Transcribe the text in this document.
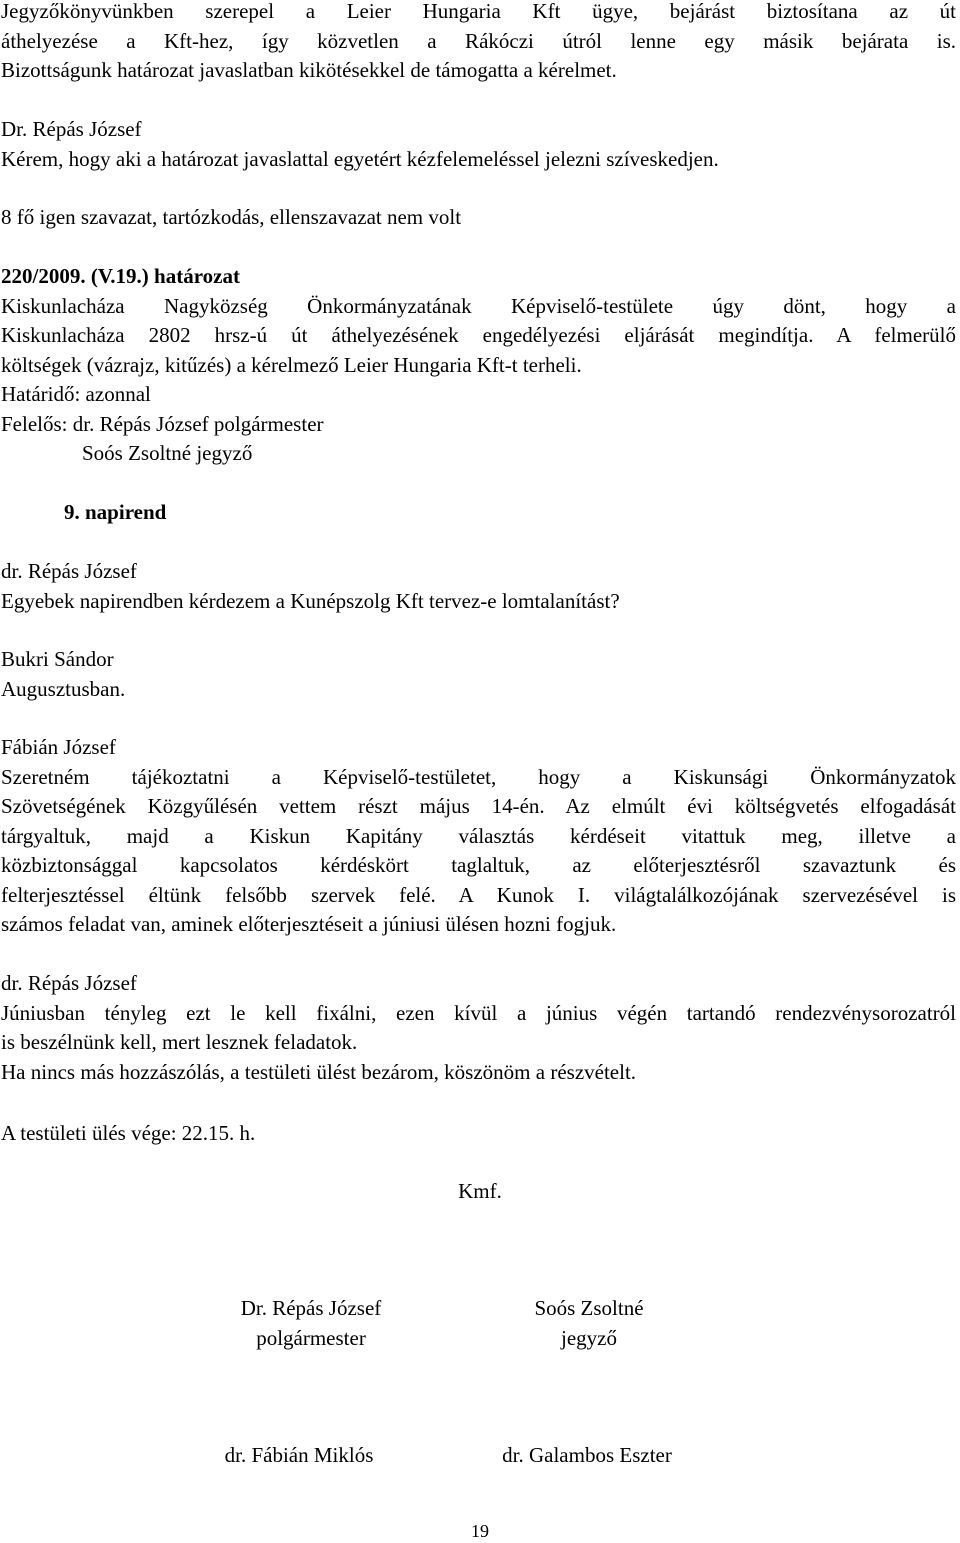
Jegyzőkönyvünkben szerepel a Leier Hungaria Kft ügye, bejárást biztosítana az út
áthelyezése a Kft-hez, így közvetlen a Rákóczi útról lenne egy másik bejárata is.
Bizottságunk határozat javaslatban kikötésekkel de támogatta a kérelmet.
Dr. Répás József
Kérem, hogy aki a határozat javaslattal egyetért kézfelemeléssel jelezni szíveskedjen.
8 fő igen szavazat, tartózkodás, ellenszavazat nem volt
220/2009. (V.19.) határozat
Kiskunlacháza Nagyközség Önkormányzatának Képviselő-testülete úgy dönt, hogy a
Kiskunlacháza 2802 hrsz-ú út áthelyezésének engedélyezési eljárását megindítja. A felmerülő
költségek (vázrajz, kitűzés) a kérelmező Leier Hungaria Kft-t terheli.
Határidő: azonnal
Felelős: dr. Répás József polgármester
Soós Zsoltné jegyző
9. napirend
dr. Répás József
Egyebek napirendben kérdezem a Kunépszolg Kft tervez-e lomtalanítást?
Bukri Sándor
Augusztusban.
Fábián József
Szeretném tájékoztatni a Képviselő-testületet, hogy a Kiskunsági Önkormányzatok
Szövetségének Közgyűlésén vettem részt május 14-én. Az elmúlt évi költségvetés elfogadását
tárgyaltuk, majd a Kiskun Kapitány választás kérdéseit vitattuk meg, illetve a
közbiztonsággal kapcsolatos kérdéskört taglaltuk, az előterjesztésről szavaztunk és
felterjesztéssel éltünk felsőbb szervek felé. A Kunok I. világtalálkozójának szervezésével is
számos feladat van, aminek előterjesztéseit a júniusi ülésen hozni fogjuk.
dr. Répás József
Júniusban tényleg ezt le kell fixálni, ezen kívül a június végén tartandó rendezvénysorozatról
is beszélnünk kell, mert lesznek feladatok.
Ha nincs más hozzászólás, a testületi ülést bezárom, köszönöm a részvételt.
A testületi ülés vége: 22.15. h.
Kmf.
Dr. Répás József
polgármester
Soós Zsoltné
jegyző
dr. Fábián Miklós	dr. Galambos Eszter
19
